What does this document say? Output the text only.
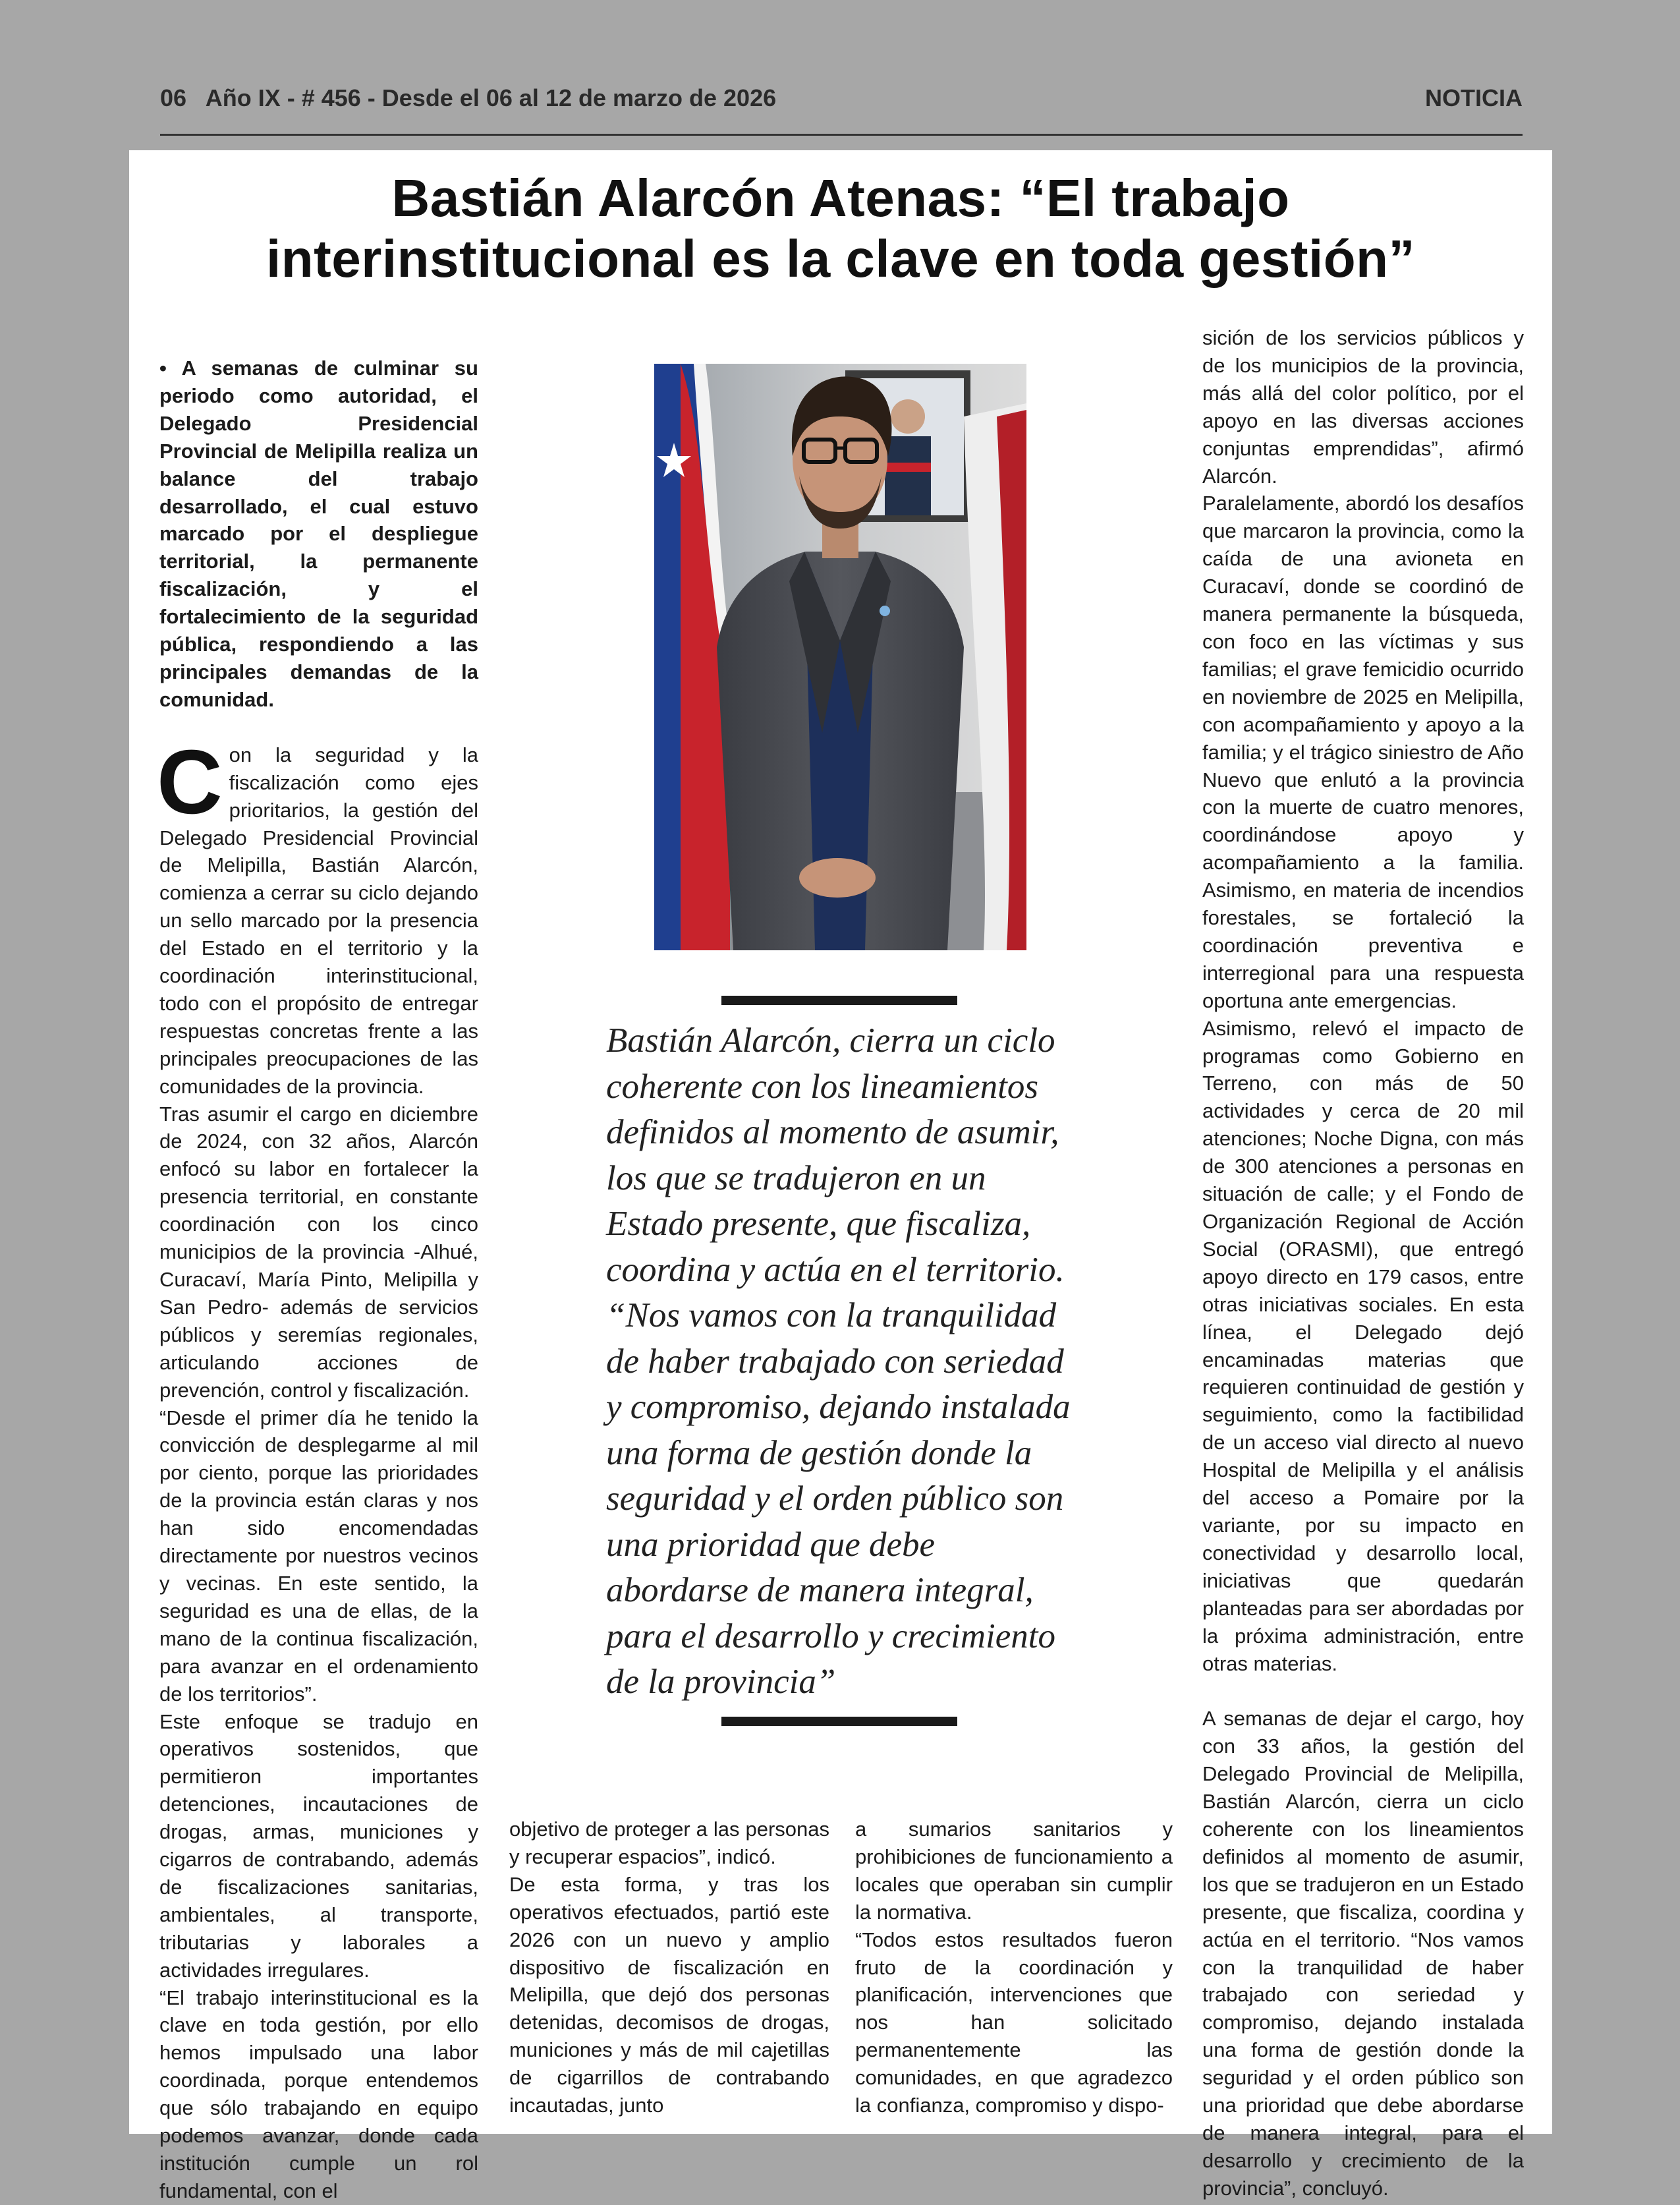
06   Año IX - # 456 - Desde el 06 al 12 de marzo de 2026	NOTICIA
Bastián Alarcón Atenas: “El trabajo
interinstitucional es la clave en toda gestión”

• A semanas de culminar su periodo como autoridad, el Delegado Presidencial Provincial de Melipilla realiza un balance del trabajo desarrollado, el cual estuvo marcado por el despliegue territorial, la permanente fiscalización, y el fortalecimiento de la seguridad pública, respondiendo a las principales demandas de la comunidad.

Con la seguridad y la fiscalización como ejes prioritarios, la gestión del Delegado Presidencial Provincial de Melipilla, Bastián Alarcón, comienza a cerrar su ciclo dejando un sello marcado por la presencia del Estado en el territorio y la coordinación interinstitucional, todo con el propósito de entregar respuestas concretas frente a las principales preocupaciones de las comunidades de la provincia.

Tras asumir el cargo en diciembre de 2024, con 32 años, Alarcón enfocó su labor en fortalecer la presencia territorial, en constante coordinación con los cinco municipios de la provincia -Alhué, Curacaví, María Pinto, Melipilla y San Pedro- además de servicios públicos y seremías regionales, articulando acciones de prevención, control y fiscalización.

“Desde el primer día he tenido la convicción de desplegarme al mil por ciento, porque las prioridades de la provincia están claras y nos han sido encomendadas directamente por nuestros vecinos y vecinas. En este sentido, la seguridad es una de ellas, de la mano de la continua fiscalización, para avanzar en el ordenamiento de los territorios”.

Este enfoque se tradujo en operativos sostenidos, que permitieron importantes detenciones, incautaciones de drogas, armas, municiones y cigarros de contrabando, además de fiscalizaciones sanitarias, ambientales, al transporte, tributarias y laborales a actividades irregulares.

“El trabajo interinstitucional es la clave en toda gestión, por ello hemos impulsado una labor coordinada, porque entendemos que sólo trabajando en equipo podemos avanzar, donde cada institución cumple un rol fundamental, con el

Bastián Alarcón, cierra un ciclo coherente con los lineamientos definidos al momento de asumir, los que se tradujeron en un Estado presente, que fiscaliza, coordina y actúa en el territorio. “Nos vamos con la tranquilidad de haber trabajado con seriedad y compromiso, dejando instalada una forma de gestión donde la seguridad y el orden público son una prioridad que debe abordarse de manera integral, para el desarrollo y crecimiento de la provincia”

objetivo de proteger a las personas y recuperar espacios”, indicó.

De esta forma, y tras los operativos efectuados, partió este 2026 con un nuevo y amplio dispositivo de fiscalización en Melipilla, que dejó dos personas detenidas, decomisos de drogas, municiones y más de mil cajetillas de cigarrillos de contrabando incautadas, junto

a sumarios sanitarios y prohibiciones de funcionamiento a locales que operaban sin cumplir la normativa.

“Todos estos resultados fueron fruto de la coordinación y planificación, intervenciones que nos han solicitado permanentemente las comunidades, en que agradezco la confianza, compromiso y dispo-

sición de los servicios públicos y de los municipios de la provincia, más allá del color político, por el apoyo en las diversas acciones conjuntas emprendidas”, afirmó Alarcón.

Paralelamente, abordó los desafíos que marcaron la provincia, como la caída de una avioneta en Curacaví, donde se coordinó de manera permanente la búsqueda, con foco en las víctimas y sus familias; el grave femicidio ocurrido en noviembre de 2025 en Melipilla, con acompañamiento y apoyo a la familia; y el trágico siniestro de Año Nuevo que enlutó a la provincia con la muerte de cuatro menores, coordinándose apoyo y acompañamiento a la familia. Asimismo, en materia de incendios forestales, se fortaleció la coordinación preventiva e interregional para una respuesta oportuna ante emergencias.

Asimismo, relevó el impacto de programas como Gobierno en Terreno, con más de 50 actividades y cerca de 20 mil atenciones; Noche Digna, con más de 300 atenciones a personas en situación de calle; y el Fondo de Organización Regional de Acción Social (ORASMI), que entregó apoyo directo en 179 casos, entre otras iniciativas sociales. En esta línea, el Delegado dejó encaminadas materias que requieren continuidad de gestión y seguimiento, como la factibilidad de un acceso vial directo al nuevo Hospital de Melipilla y el análisis del acceso a Pomaire por la variante, por su impacto en conectividad y desarrollo local, iniciativas que quedarán planteadas para ser abordadas por la próxima administración, entre otras materias.

A semanas de dejar el cargo, hoy con 33 años, la gestión del Delegado Provincial de Melipilla, Bastián Alarcón, cierra un ciclo coherente con los lineamientos definidos al momento de asumir, los que se tradujeron en un Estado presente, que fiscaliza, coordina y actúa en el territorio. “Nos vamos con la tranquilidad de haber trabajado con seriedad y compromiso, dejando instalada una forma de gestión donde la seguridad y el orden público son una prioridad que debe abordarse de manera integral, para el desarrollo y crecimiento de la provincia”, concluyó.
